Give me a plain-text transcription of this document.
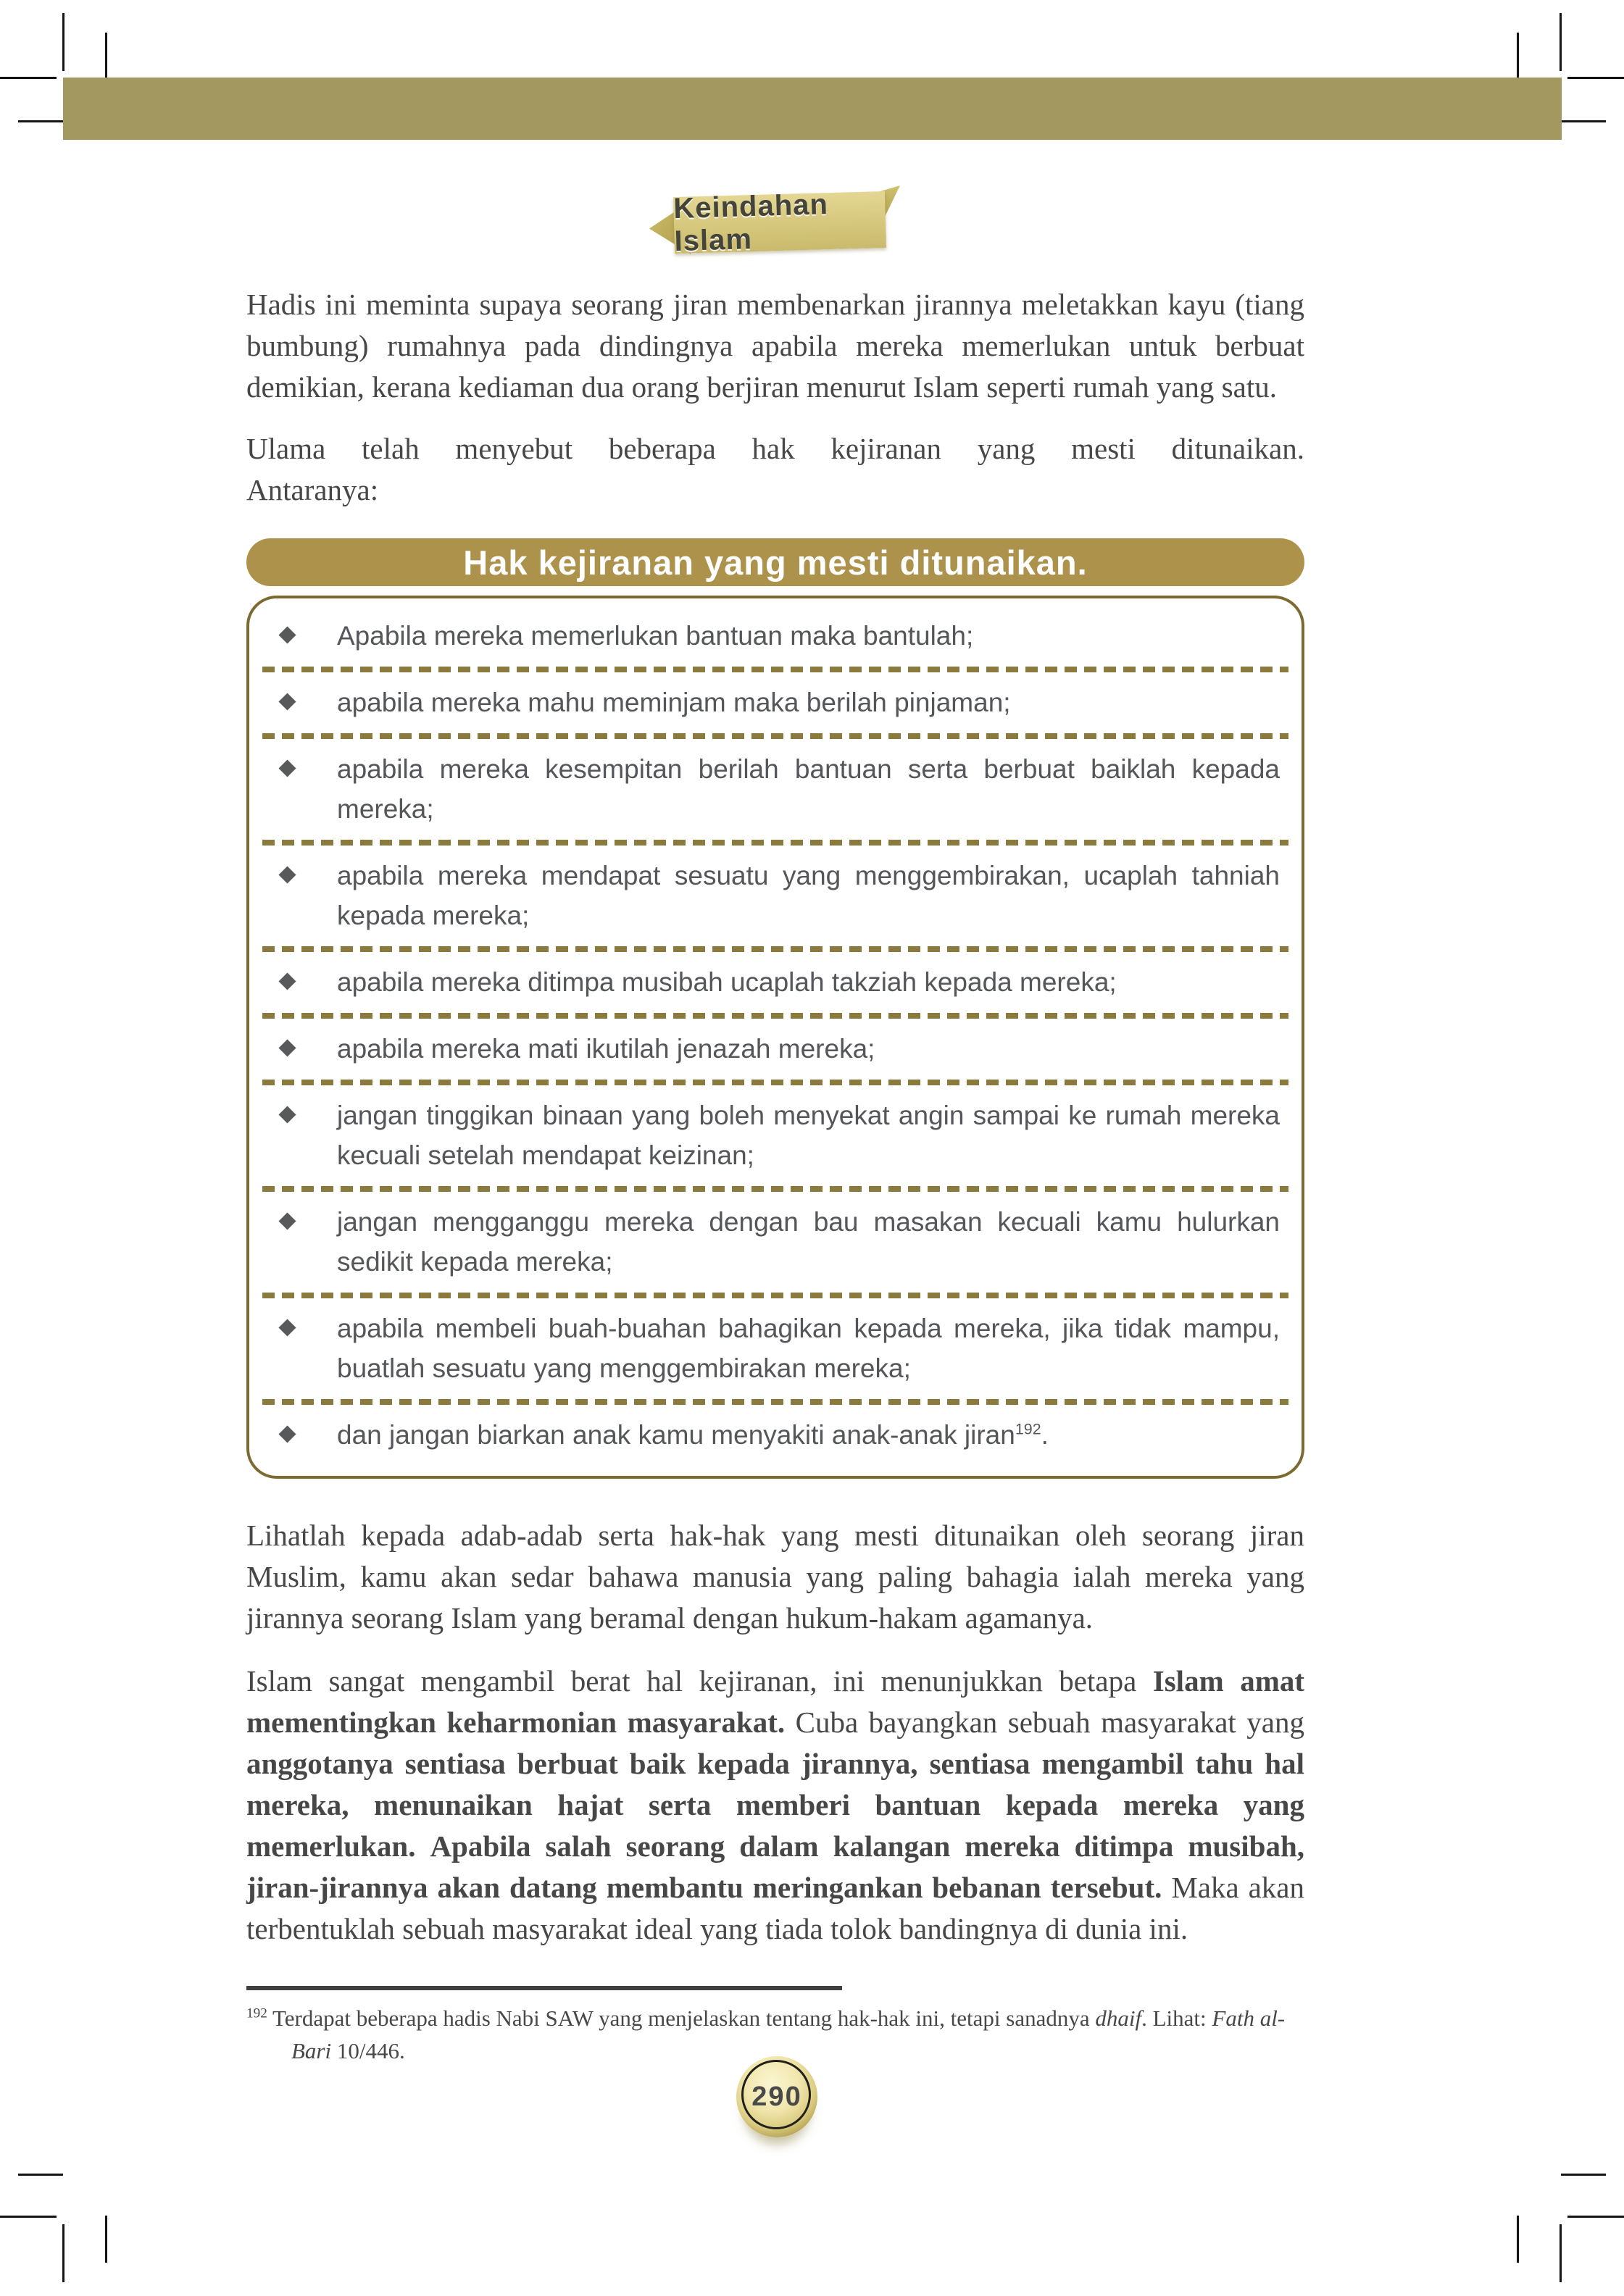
Keindahan Islam

Hadis ini meminta supaya seorang jiran membenarkan jirannya meletakkan kayu (tiang bumbung) rumahnya pada dindingnya apabila mereka memerlukan untuk berbuat demikian, kerana kediaman dua orang berjiran menurut Islam seperti rumah yang satu.

Ulama telah menyebut beberapa hak kejiranan yang mesti ditunaikan.
Antaranya:

Hak kejiranan yang mesti ditunaikan.
Apabila mereka memerlukan bantuan maka bantulah;
apabila mereka mahu meminjam maka berilah pinjaman;
apabila mereka kesempitan berilah bantuan serta berbuat baiklah kepada mereka;
apabila mereka mendapat sesuatu yang menggembirakan, ucaplah tahniah kepada mereka;
apabila mereka ditimpa musibah ucaplah takziah kepada mereka;
apabila mereka mati ikutilah jenazah mereka;
jangan tinggikan binaan yang boleh menyekat angin sampai ke rumah mereka kecuali setelah mendapat keizinan;
jangan mengganggu mereka dengan bau masakan kecuali kamu hulurkan sedikit kepada mereka;
apabila membeli buah-buahan bahagikan kepada mereka, jika tidak mampu, buatlah sesuatu yang menggembirakan mereka;
dan jangan biarkan anak kamu menyakiti anak-anak jiran$^{192}$.

Lihatlah kepada adab-adab serta hak-hak yang mesti ditunaikan oleh seorang jiran Muslim, kamu akan sedar bahawa manusia yang paling bahagia ialah mereka yang jirannya seorang Islam yang beramal dengan hukum-hakam agamanya.

Islam sangat mengambil berat hal kejiranan, ini menunjukkan betapa Islam amat mementingkan keharmonian masyarakat. Cuba bayangkan sebuah masyarakat yang anggotanya sentiasa berbuat baik kepada jirannya, sentiasa mengambil tahu hal mereka, menunaikan hajat serta memberi bantuan kepada mereka yang memerlukan. Apabila salah seorang dalam kalangan mereka ditimpa musibah, jiran-jirannya akan datang membantu meringankan bebanan tersebut. Maka akan terbentuklah sebuah masyarakat ideal yang tiada tolok bandingnya di dunia ini.

$^{192}$ Terdapat beberapa hadis Nabi SAW yang menjelaskan tentang hak-hak ini, tetapi sanadnya dhaif. Lihat: Fath al-Bari 10/446.
290
